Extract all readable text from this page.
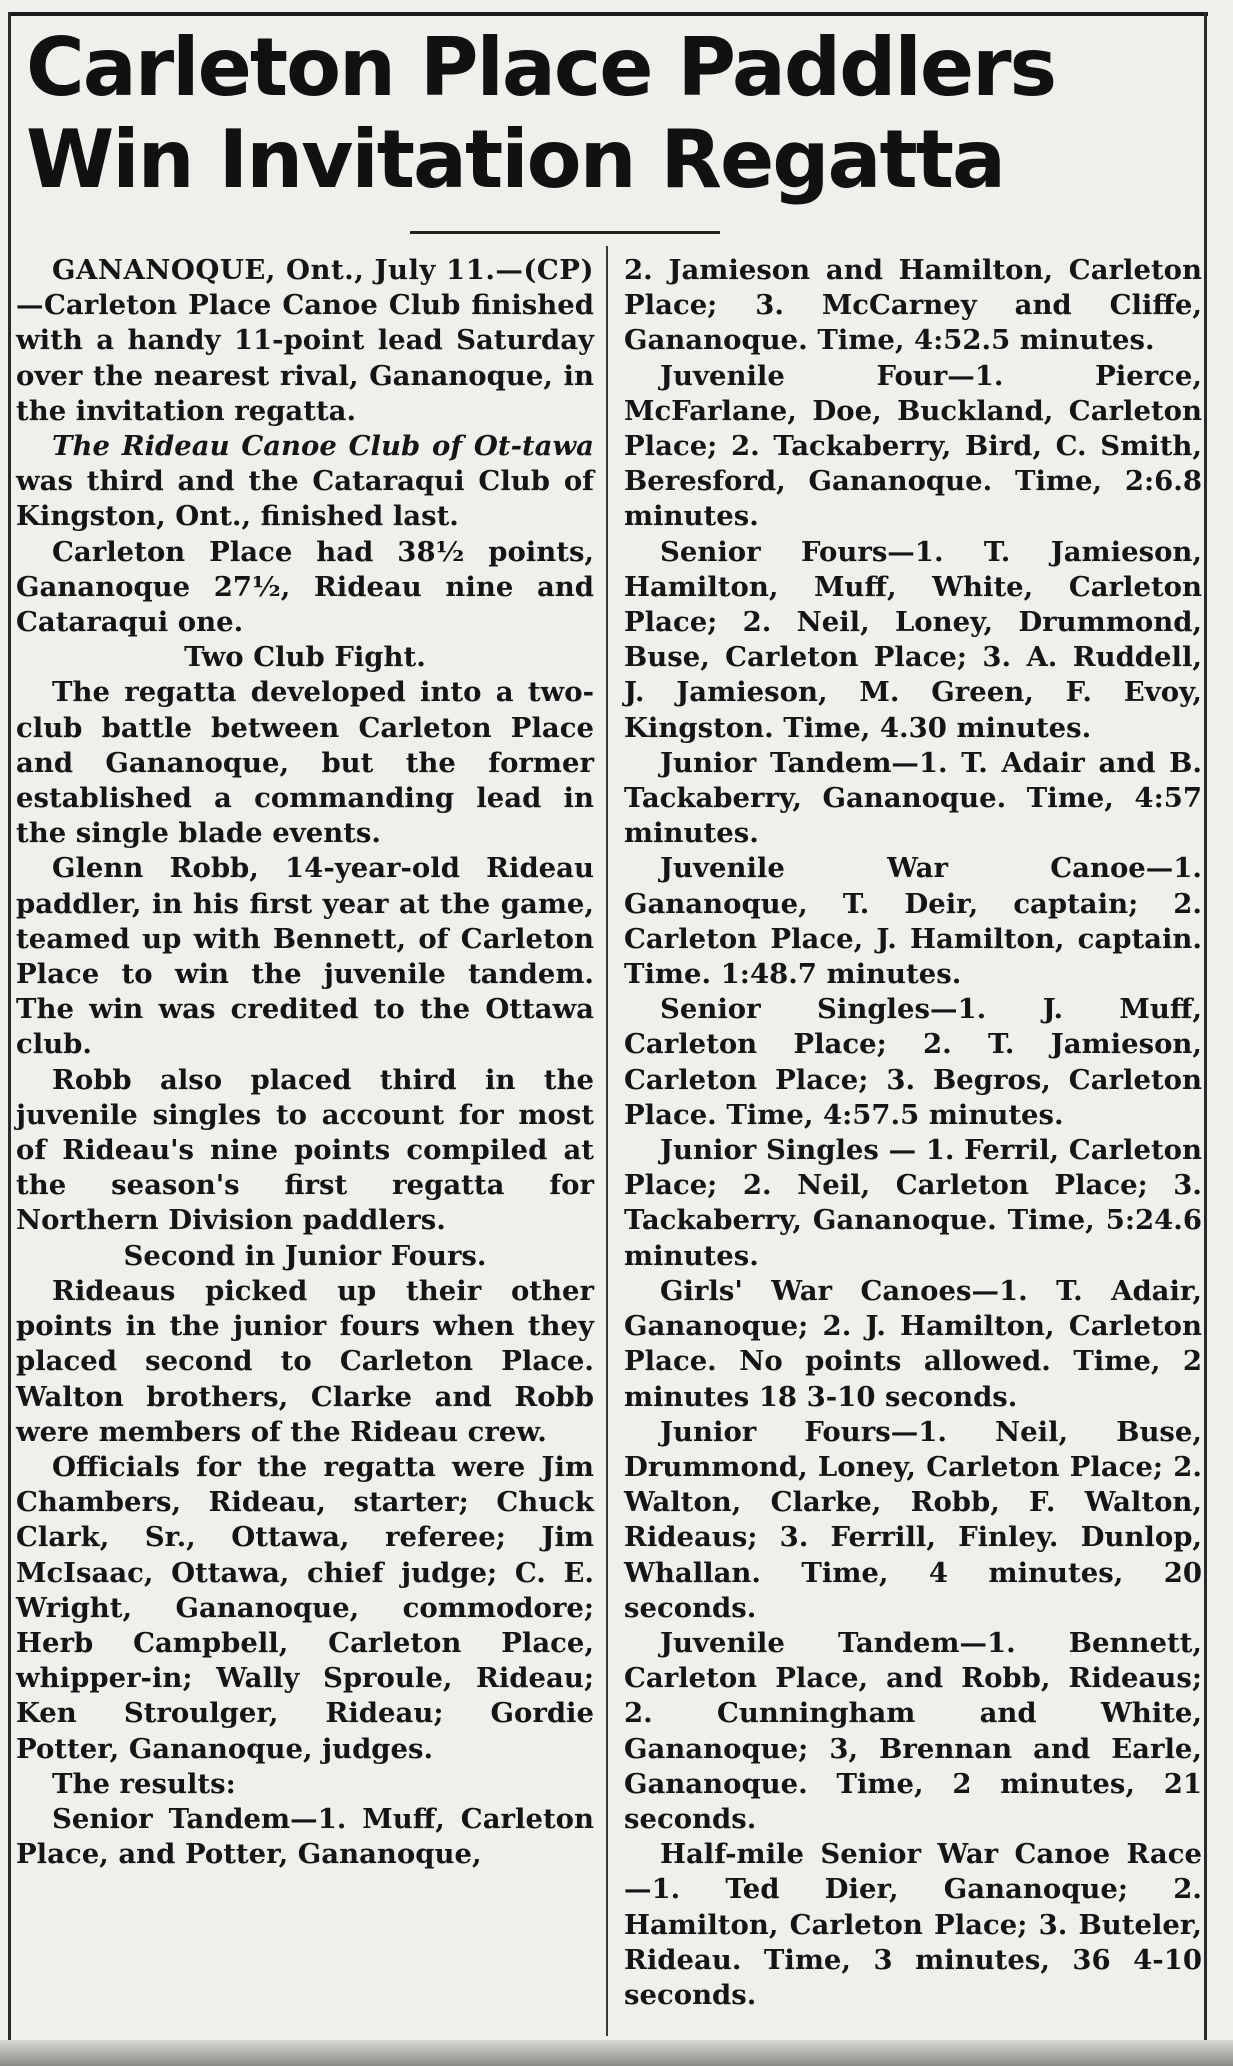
Carleton Place Paddlers
Win Invitation Regatta

GANANOQUE, Ont., July 11.—(CP)—Carleton Place Canoe Club finished with a handy 11-point lead Saturday over the nearest rival, Gananoque, in the invitation regatta.

The Rideau Canoe Club of Ot-tawa was third and the Cataraqui Club of Kingston, Ont., finished last.

Carleton Place had 38½ points, Gananoque 27½, Rideau nine and Cataraqui one.

Two Club Fight.

The regatta developed into a two-club battle between Carleton Place and Gananoque, but the former established a commanding lead in the single blade events.

Glenn Robb, 14-year-old Rideau paddler, in his first year at the game, teamed up with Bennett, of Carleton Place to win the juvenile tandem. The win was credited to the Ottawa club.

Robb also placed third in the juvenile singles to account for most of Rideau's nine points compiled at the season's first regatta for Northern Division paddlers.

Second in Junior Fours.

Rideaus picked up their other points in the junior fours when they placed second to Carleton Place. Walton brothers, Clarke and Robb were members of the Rideau crew.

Officials for the regatta were Jim Chambers, Rideau, starter; Chuck Clark, Sr., Ottawa, referee; Jim McIsaac, Ottawa, chief judge; C. E. Wright, Gananoque, commodore; Herb Campbell, Carleton Place, whipper-in; Wally Sproule, Rideau; Ken Stroulger, Rideau; Gordie Potter, Gananoque, judges.

The results:

Senior Tandem—1. Muff, Carleton Place, and Potter, Gananoque,

2. Jamieson and Hamilton, Carleton Place; 3. McCarney and Cliffe, Gananoque. Time, 4:52.5 minutes.

Juvenile Four—1. Pierce, McFarlane, Doe, Buckland, Carleton Place; 2. Tackaberry, Bird, C. Smith, Beresford, Gananoque. Time, 2:6.8 minutes.

Senior Fours—1. T. Jamieson, Hamilton, Muff, White, Carleton Place; 2. Neil, Loney, Drummond, Buse, Carleton Place; 3. A. Ruddell, J. Jamieson, M. Green, F. Evoy, Kingston. Time, 4.30 minutes.

Junior Tandem—1. T. Adair and B. Tackaberry, Gananoque. Time, 4:57 minutes.

Juvenile War Canoe—1. Gananoque, T. Deir, captain; 2. Carleton Place, J. Hamilton, captain. Time. 1:48.7 minutes.

Senior Singles—1. J. Muff, Carleton Place; 2. T. Jamieson, Carleton Place; 3. Begros, Carleton Place. Time, 4:57.5 minutes.

Junior Singles — 1. Ferril, Carleton Place; 2. Neil, Carleton Place; 3. Tackaberry, Gananoque. Time, 5:24.6 minutes.

Girls' War Canoes—1. T. Adair, Gananoque; 2. J. Hamilton, Carleton Place. No points allowed. Time, 2 minutes 18 3-10 seconds.

Junior Fours—1. Neil, Buse, Drummond, Loney, Carleton Place; 2. Walton, Clarke, Robb, F. Walton, Rideaus; 3. Ferrill, Finley. Dunlop, Whallan. Time, 4 minutes, 20 seconds.

Juvenile Tandem—1. Bennett, Carleton Place, and Robb, Rideaus; 2. Cunningham and White, Gananoque; 3, Brennan and Earle, Gananoque. Time, 2 minutes, 21 seconds.

Half-mile Senior War Canoe Race—1. Ted Dier, Gananoque; 2. Hamilton, Carleton Place; 3. Buteler, Rideau. Time, 3 minutes, 36 4-10 seconds.
